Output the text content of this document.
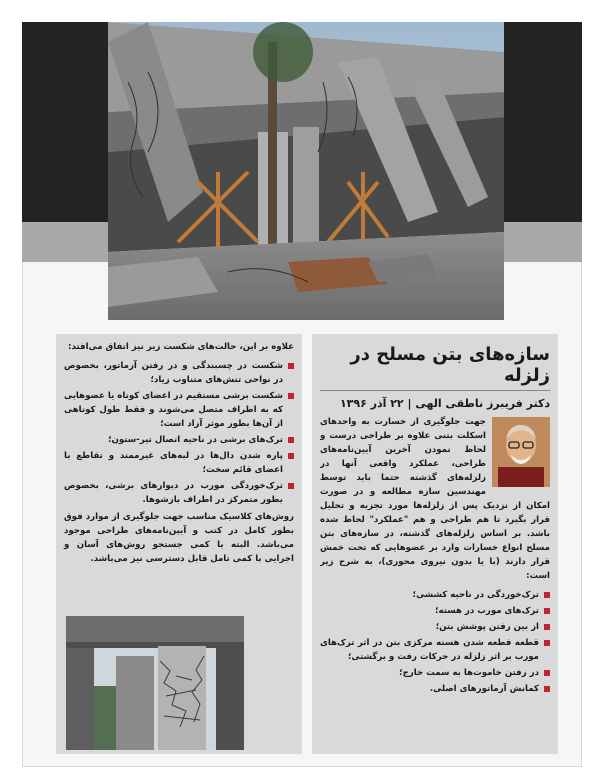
سازه‌های بتن مسلح در زلزله
دکتر فریبرز ناطقی الهی | ۲۲ آذر ۱۳۹۶

جهت جلوگیری از خسارت به واحدهای اسکلت بتنی علاوه بر طراحی درست و لحاظ نمودن آخرین آیین‌نامه‌های طراحی، عملکرد واقعی آنها در زلزله‌های گذشته حتما باید توسط مهندسین سازه مطالعه و در صورت امکان از نزدیک پس از زلزله‌ها مورد تجزیه و تحلیل قرار بگیرد تا هم طراحی و هم "عملکرد" لحاظ شده باشد. بر اساس زلزله‌های گذشته، در سازه‌های بتن مسلح انواع خسارات وارد بر عضوهایی که تحت خمش قرار دارند (با یا بدون نیروی محوری)، به شرح زیر است:

ترک‌خوردگی در ناحیه کششی؛
ترک‌های مورب در هسته؛
از بین رفتن پوشش بتن؛
قطعه قطعه شدن هسته مرکزی بتن در اثر ترک‌های مورب بر اثر زلزله در حرکات رفت و برگشتی؛
در رفتن خاموت‌ها به سمت خارج؛
کمانش آرماتورهای اصلی.
علاوه بر این، حالت‌های شکست زیر نیز اتفاق می‌افتد:
شکست در چسبندگی و در رفتن آرماتور، بخصوص در نواحی تنش‌های متناوب زیاد؛
شکست برشی مستقیم در اعضای کوتاه یا عضوهایی که به اطراف متصل می‌شوند و فقط طول کوتاهی از آن‌ها بطور موثر آزاد است؛
ترک‌های برشی در ناحیه اتصال تیر-ستون؛
پاره شدن دال‌ها در لبه‌های غیرممتد و تقاطع با اعضای قائم سخت؛
ترک‌خوردگی مورب در دیوارهای برشی، بخصوص بطور متمرکز در اطراف بازشوها.

روش‌های کلاسیک مناسب جهت جلوگیری از موارد فوق بطور کامل در کتب و آیین‌نامه‌های طراحی موجود می‌باشد. البته با کمی جستجو روش‌های آسان و اجرایی با کمی تامل قابل دسترسی نیز می‌باشد.
